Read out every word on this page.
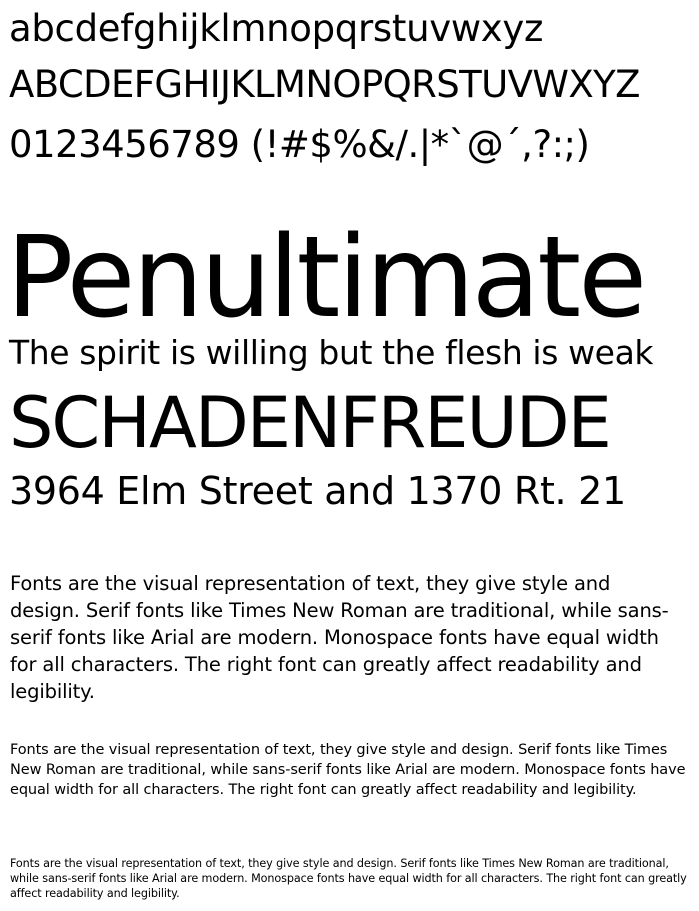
abcdefghijklmnopqrstuvwxyz

ABCDEFGHIJKLMNOPQRSTUVWXYZ

0123456789 (!#$%&/.|*`@´,?:;)

Penultimate

The spirit is willing but the flesh is weak

SCHADENFREUDE

3964 Elm Street and 1370 Rt. 21

Fonts are the visual representation of text, they give style and design. Serif fonts like Times New Roman are traditional, while sans-serif fonts like Arial are modern. Monospace fonts have equal width for all characters. The right font can greatly affect readability and legibility.

Fonts are the visual representation of text, they give style and design. Serif fonts like Times New Roman are traditional, while sans-serif fonts like Arial are modern. Monospace fonts have equal width for all characters. The right font can greatly affect readability and legibility.

Fonts are the visual representation of text, they give style and design. Serif fonts like Times New Roman are traditional, while sans-serif fonts like Arial are modern. Monospace fonts have equal width for all characters. The right font can greatly affect readability and legibility.
